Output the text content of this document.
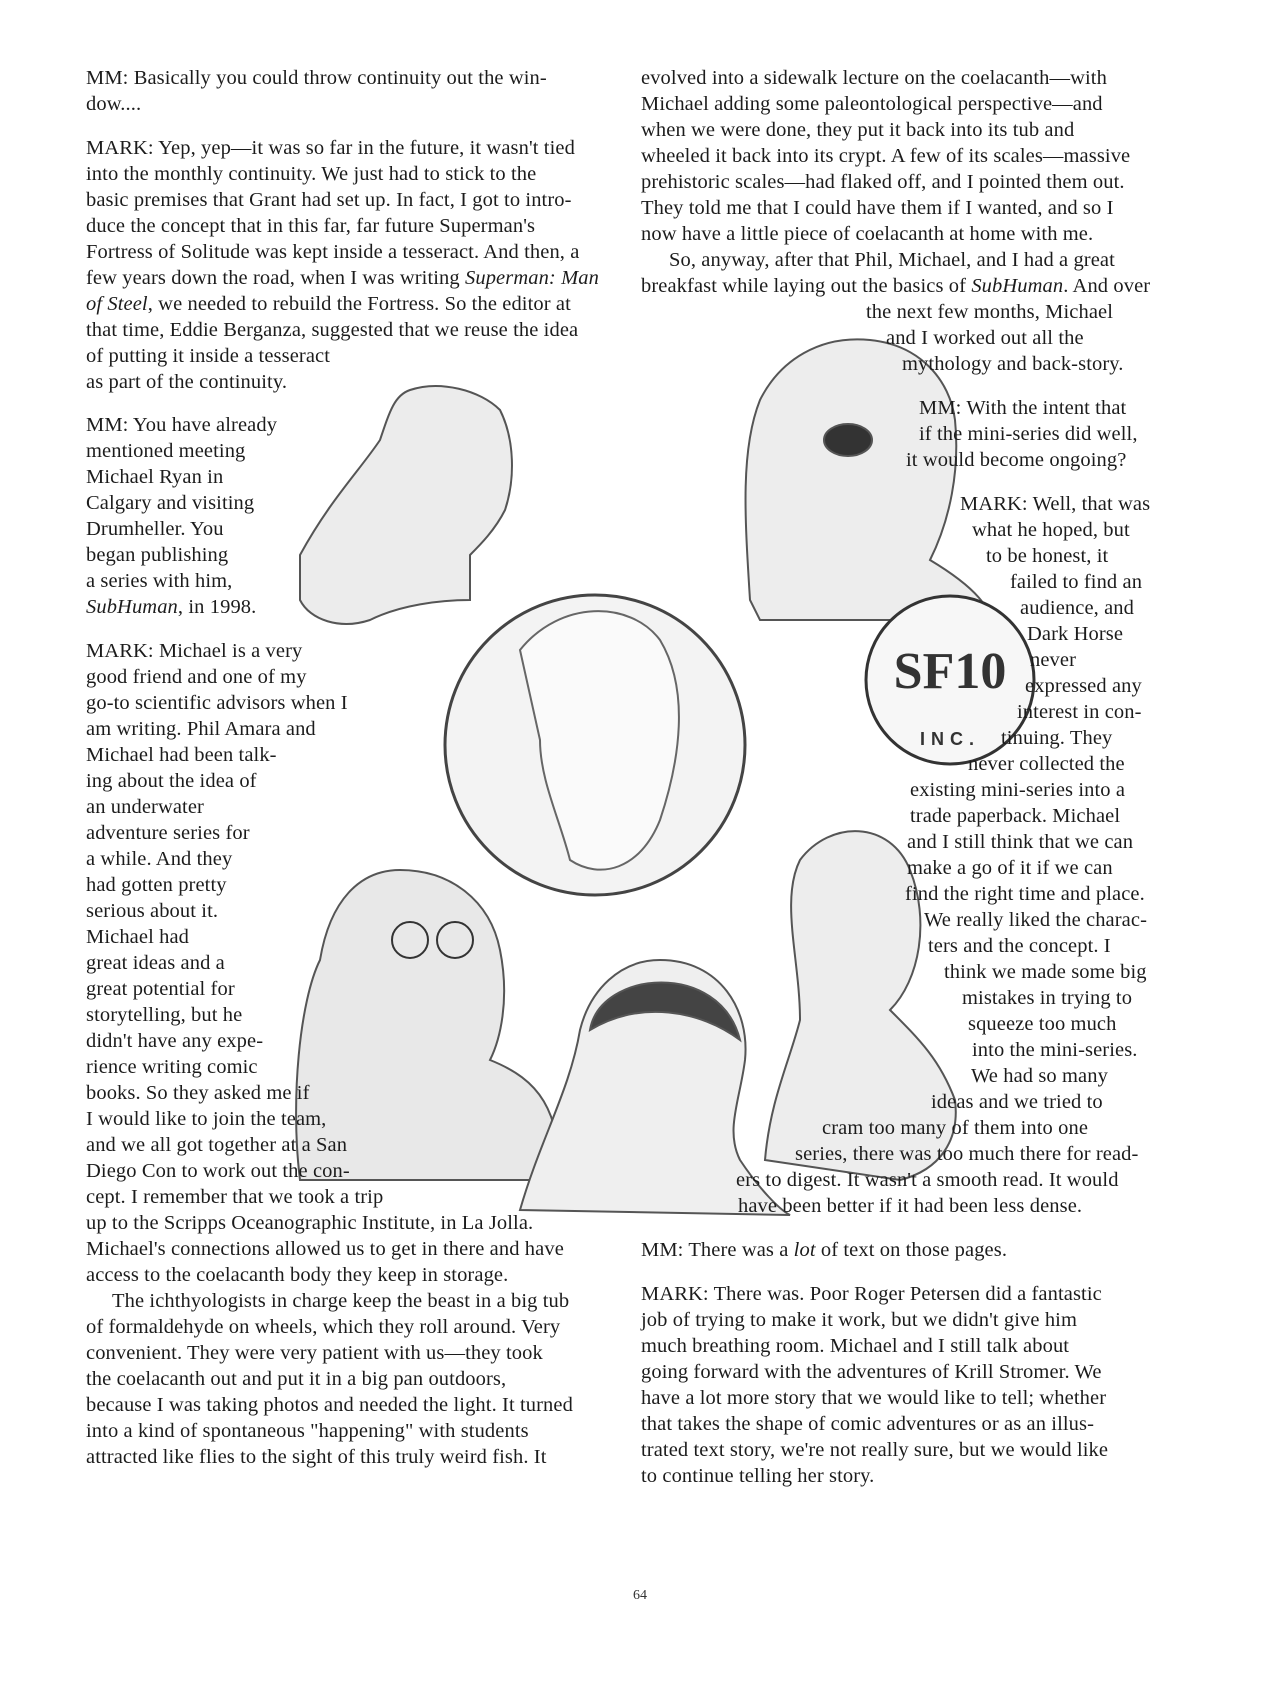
SF10
INC.
MM: Basically you could throw continuity out the win-
dow....
MARK: Yep, yep—it was so far in the future, it wasn't tied
into the monthly continuity. We just had to stick to the
basic premises that Grant had set up. In fact, I got to intro-
duce the concept that in this far, far future Superman's
Fortress of Solitude was kept inside a tesseract. And then, a
few years down the road, when I was writing Superman: Man
of Steel, we needed to rebuild the Fortress. So the editor at
that time, Eddie Berganza, suggested that we reuse the idea
of putting it inside a tesseract
as part of the continuity.
MM: You have already
mentioned meeting
Michael Ryan in
Calgary and visiting
Drumheller. You
began publishing
a series with him,
SubHuman, in 1998.
MARK: Michael is a very
good friend and one of my
go-to scientific advisors when I
am writing. Phil Amara and
Michael had been talk-
ing about the idea of
an underwater
adventure series for
a while. And they
had gotten pretty
serious about it.
Michael had
great ideas and a
great potential for
storytelling, but he
didn't have any expe-
rience writing comic
books. So they asked me if
I would like to join the team,
and we all got together at a San
Diego Con to work out the con-
cept. I remember that we took a trip
up to the Scripps Oceanographic Institute, in La Jolla.
Michael's connections allowed us to get in there and have
access to the coelacanth body they keep in storage.
The ichthyologists in charge keep the beast in a big tub
of formaldehyde on wheels, which they roll around. Very
convenient. They were very patient with us—they took
the coelacanth out and put it in a big pan outdoors,
because I was taking photos and needed the light. It turned
into a kind of spontaneous "happening" with students
attracted like flies to the sight of this truly weird fish. It
evolved into a sidewalk lecture on the coelacanth—with
Michael adding some paleontological perspective—and
when we were done, they put it back into its tub and
wheeled it back into its crypt. A few of its scales—massive
prehistoric scales—had flaked off, and I pointed them out.
They told me that I could have them if I wanted, and so I
now have a little piece of coelacanth at home with me.
So, anyway, after that Phil, Michael, and I had a great
breakfast while laying out the basics of SubHuman. And over
the next few months, Michael
and I worked out all the
mythology and back-story.
MM: With the intent that
if the mini-series did well,
it would become ongoing?
MARK: Well, that was
what he hoped, but
to be honest, it
failed to find an
audience, and
Dark Horse
never
expressed any
interest in con-
tinuing. They
never collected the
existing mini-series into a
trade paperback. Michael
and I still think that we can
make a go of it if we can
find the right time and place.
We really liked the charac-
ters and the concept. I
think we made some big
mistakes in trying to
squeeze too much
into the mini-series.
We had so many
ideas and we tried to
cram too many of them into one
series, there was too much there for read-
ers to digest. It wasn't a smooth read. It would
have been better if it had been less dense.
MM: There was a lot of text on those pages.
MARK: There was. Poor Roger Petersen did a fantastic
job of trying to make it work, but we didn't give him
much breathing room. Michael and I still talk about
going forward with the adventures of Krill Stromer. We
have a lot more story that we would like to tell; whether
that takes the shape of comic adventures or as an illus-
trated text story, we're not really sure, but we would like
to continue telling her story.
64
